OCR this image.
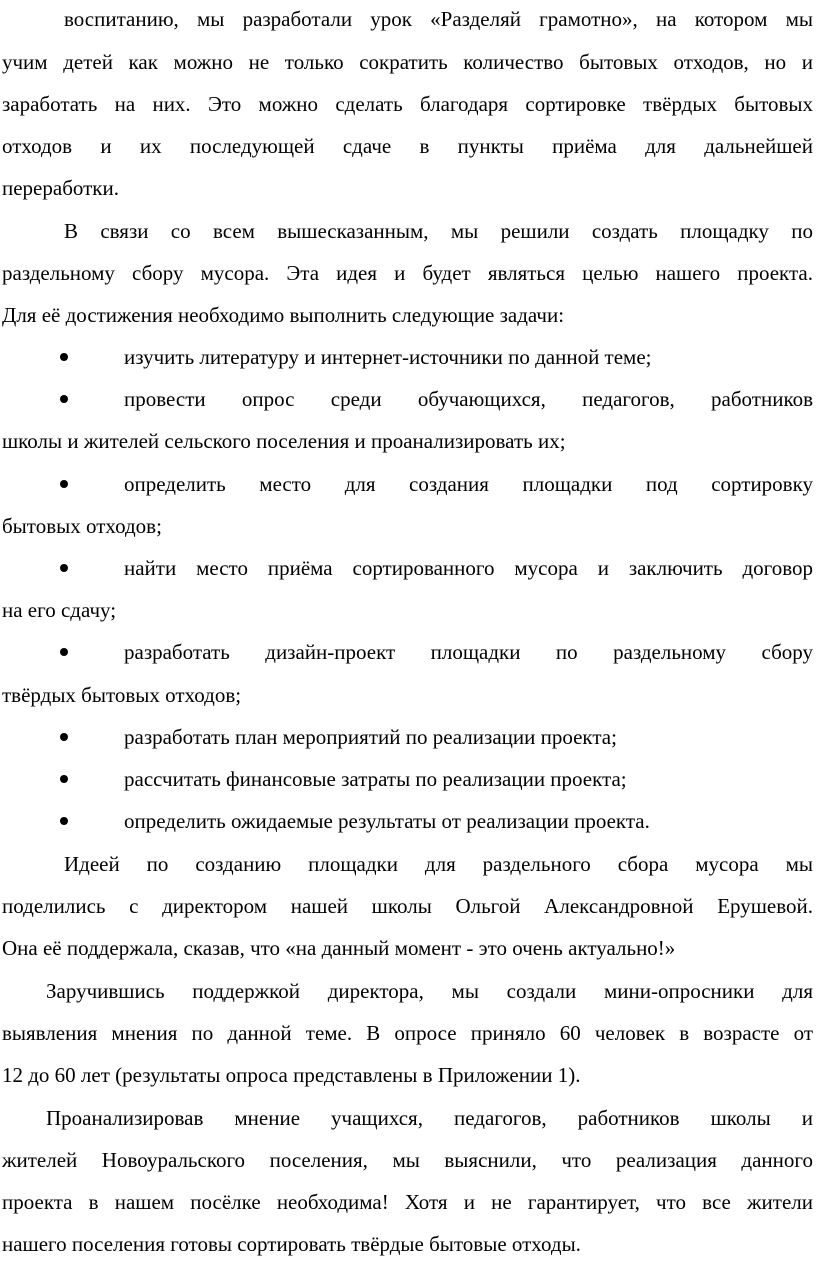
воспитанию, мы разработали урок «Разделяй грамотно», на котором мы
учим детей как можно не только сократить количество бытовых отходов, но и
заработать на них. Это можно сделать благодаря сортировке твёрдых бытовых
отходов и их последующей сдаче в пункты приёма для дальнейшей
переработки.
В связи со всем вышесказанным, мы решили создать площадку по
раздельному сбору мусора. Эта идея и будет являться целью нашего проекта.
Для её достижения необходимо выполнить следующие задачи:
изучить литературу и интернет-источники по данной теме;
провести опрос среди обучающихся, педагогов, работников
школы и жителей сельского поселения и проанализировать их;
определить место для создания площадки под сортировку
бытовых отходов;
найти место приёма сортированного мусора и заключить договор
на его сдачу;
разработать дизайн-проект площадки по раздельному сбору
твёрдых бытовых отходов;
разработать план мероприятий по реализации проекта;
рассчитать финансовые затраты по реализации проекта;
определить ожидаемые результаты от реализации проекта.
Идеей по созданию площадки для раздельного сбора мусора мы
поделились с директором нашей школы Ольгой Александровной Ерушевой.
Она её поддержала, сказав, что «на данный момент - это очень актуально!»
Заручившись поддержкой директора, мы создали мини-опросники для
выявления мнения по данной теме. В опросе приняло 60 человек в возрасте от
12 до 60 лет (результаты опроса представлены в Приложении 1).
Проанализировав мнение учащихся, педагогов, работников школы и
жителей Новоуральского поселения, мы выяснили, что реализация данного
проекта в нашем посёлке необходима! Хотя и не гарантирует, что все жители
нашего поселения готовы сортировать твёрдые бытовые отходы.
